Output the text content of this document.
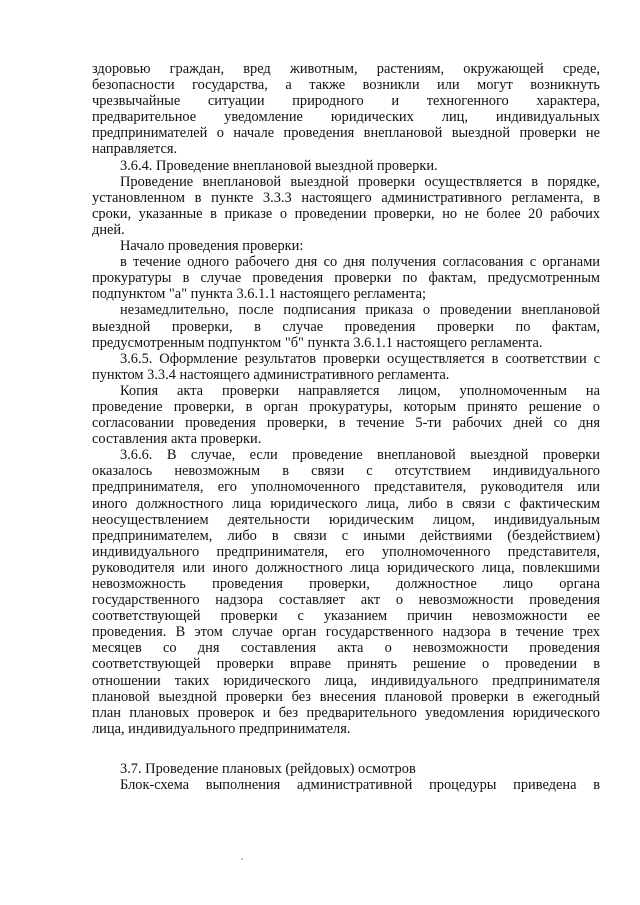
здоровью граждан, вред животным, растениям, окружающей среде,
безопасности государства, а также возникли или могут возникнуть
чрезвычайные ситуации природного и техногенного характера,
предварительное уведомление юридических лиц, индивидуальных
предпринимателей о начале проведения внеплановой выездной проверки не
направляется.
3.6.4. Проведение внеплановой выездной проверки.
Проведение внеплановой выездной проверки осуществляется в порядке,
установленном в пункте 3.3.3 настоящего административного регламента, в
сроки, указанные в приказе о проведении проверки, но не более 20 рабочих
дней.
Начало проведения проверки:
в течение одного рабочего дня со дня получения согласования с органами
прокуратуры в случае проведения проверки по фактам, предусмотренным
подпунктом "а" пункта 3.6.1.1 настоящего регламента;
незамедлительно, после подписания приказа о проведении внеплановой
выездной проверки, в случае проведения проверки по фактам,
предусмотренным подпунктом "б" пункта 3.6.1.1 настоящего регламента.
3.6.5. Оформление результатов проверки осуществляется в соответствии с
пунктом 3.3.4 настоящего административного регламента.
Копия акта проверки направляется лицом, уполномоченным на
проведение проверки, в орган прокуратуры, которым принято решение о
согласовании проведения проверки, в течение 5-ти рабочих дней со дня
составления акта проверки.
3.6.6. В случае, если проведение внеплановой выездной проверки
оказалось невозможным в связи с отсутствием индивидуального
предпринимателя, его уполномоченного представителя, руководителя или
иного должностного лица юридического лица, либо в связи с фактическим
неосуществлением деятельности юридическим лицом, индивидуальным
предпринимателем, либо в связи с иными действиями (бездействием)
индивидуального предпринимателя, его уполномоченного представителя,
руководителя или иного должностного лица юридического лица, повлекшими
невозможность проведения проверки, должностное лицо органа
государственного надзора составляет акт о невозможности проведения
соответствующей проверки с указанием причин невозможности ее
проведения. В этом случае орган государственного надзора в течение трех
месяцев со дня составления акта о невозможности проведения
соответствующей проверки вправе принять решение о проведении в
отношении таких юридического лица, индивидуального предпринимателя
плановой выездной проверки без внесения плановой проверки в ежегодный
план плановых проверок и без предварительного уведомления юридического
лица, индивидуального предпринимателя.
3.7. Проведение плановых (рейдовых) осмотров
Блок-схема выполнения административной процедуры приведена в
